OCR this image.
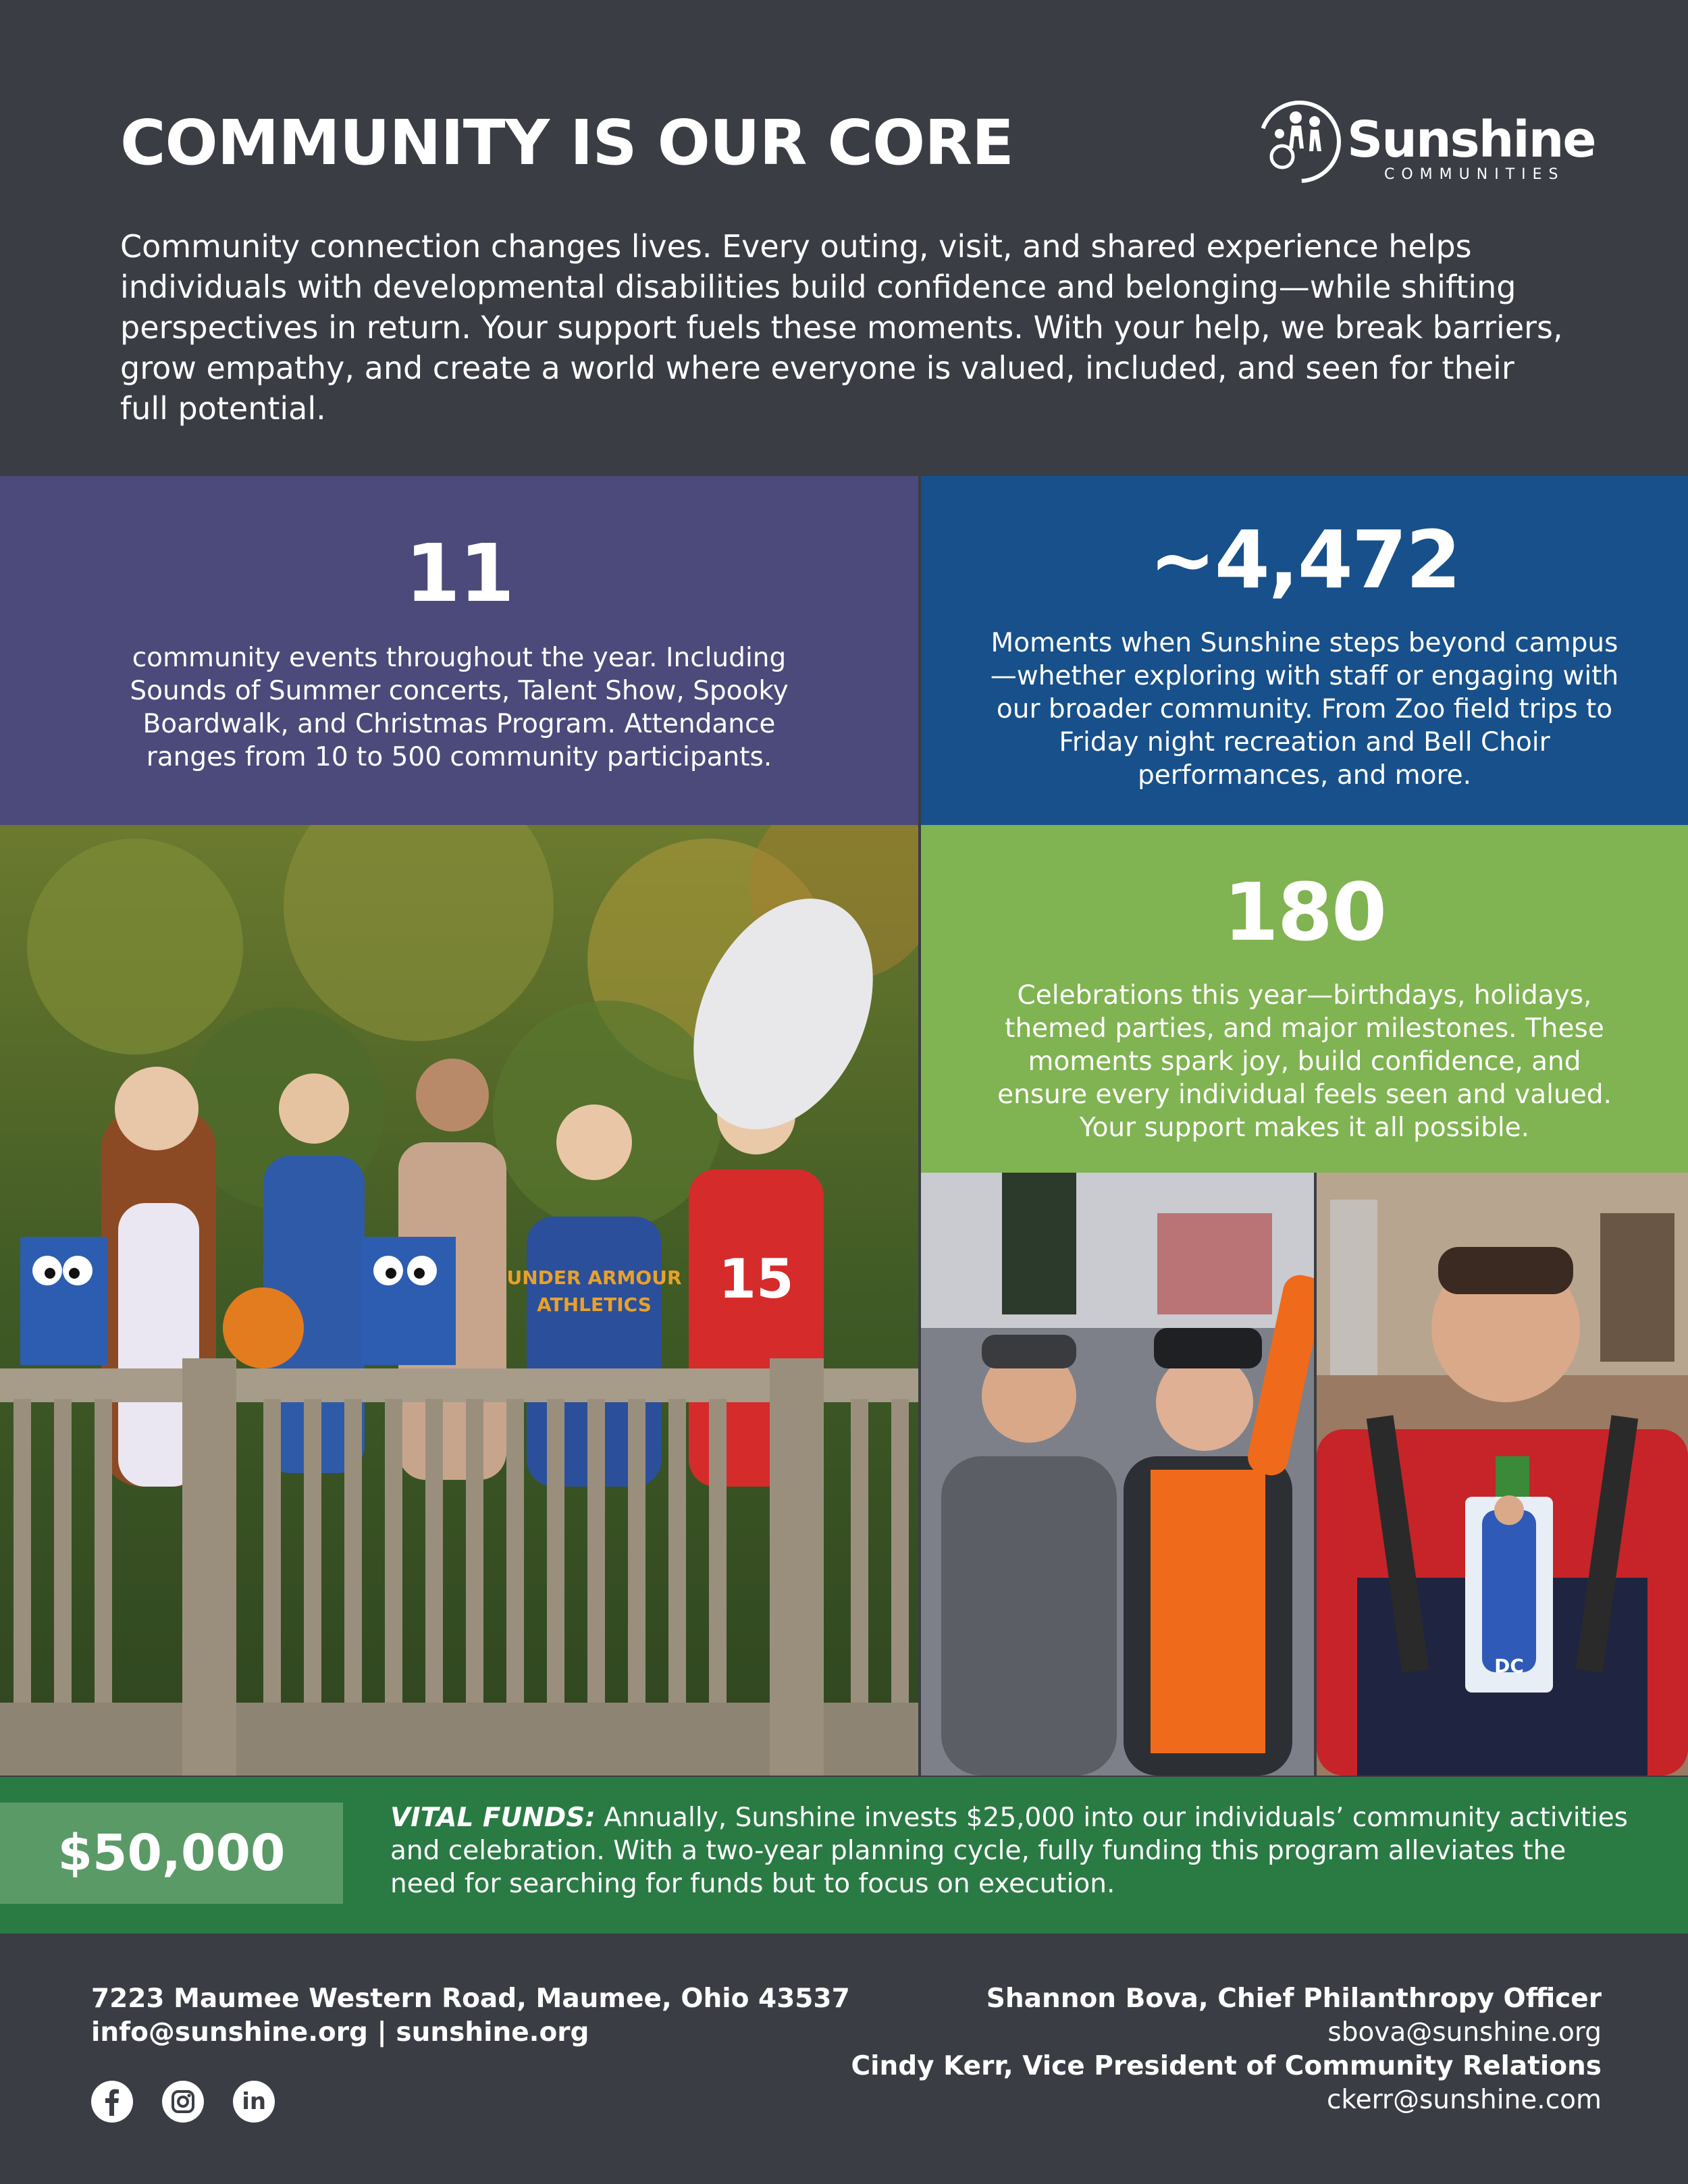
COMMUNITY IS OUR CORE	Sunshine
COMMUNITIES

Community connection changes lives. Every outing, visit, and shared experience helps individuals with developmental disabilities build confidence and belonging—while shifting perspectives in return. Your support fuels these moments. With your help, we break barriers, grow empathy, and create a world where everyone is valued, included, and seen for their full potential.

11

community events throughout the year. Including Sounds of Summer concerts, Talent Show, Spooky Boardwalk, and Christmas Program. Attendance ranges from 10 to 500 community participants.

~4,472

Moments when Sunshine steps beyond campus—whether exploring with staff or engaging with our broader community. From Zoo field trips to Friday night recreation and Bell Choir performances, and more.

180

Celebrations this year—birthdays, holidays, themed parties, and major milestones. These moments spark joy, build confidence, and ensure every individual feels seen and valued. Your support makes it all possible.

15
UNDER ARMOUR
ATHLETICS
DC
$50,000

VITAL FUNDS: Annually, Sunshine invests $25,000 into our individuals’ community activities and celebration. With a two-year planning cycle, fully funding this program alleviates the need for searching for funds but to focus on execution.

7223 Maumee Western Road, Maumee, Ohio 43537
info@sunshine.org | sunshine.org

in
Shannon Bova, Chief Philanthropy Officer
sbova@sunshine.org
Cindy Kerr, Vice President of Community Relations
ckerr@sunshine.com
